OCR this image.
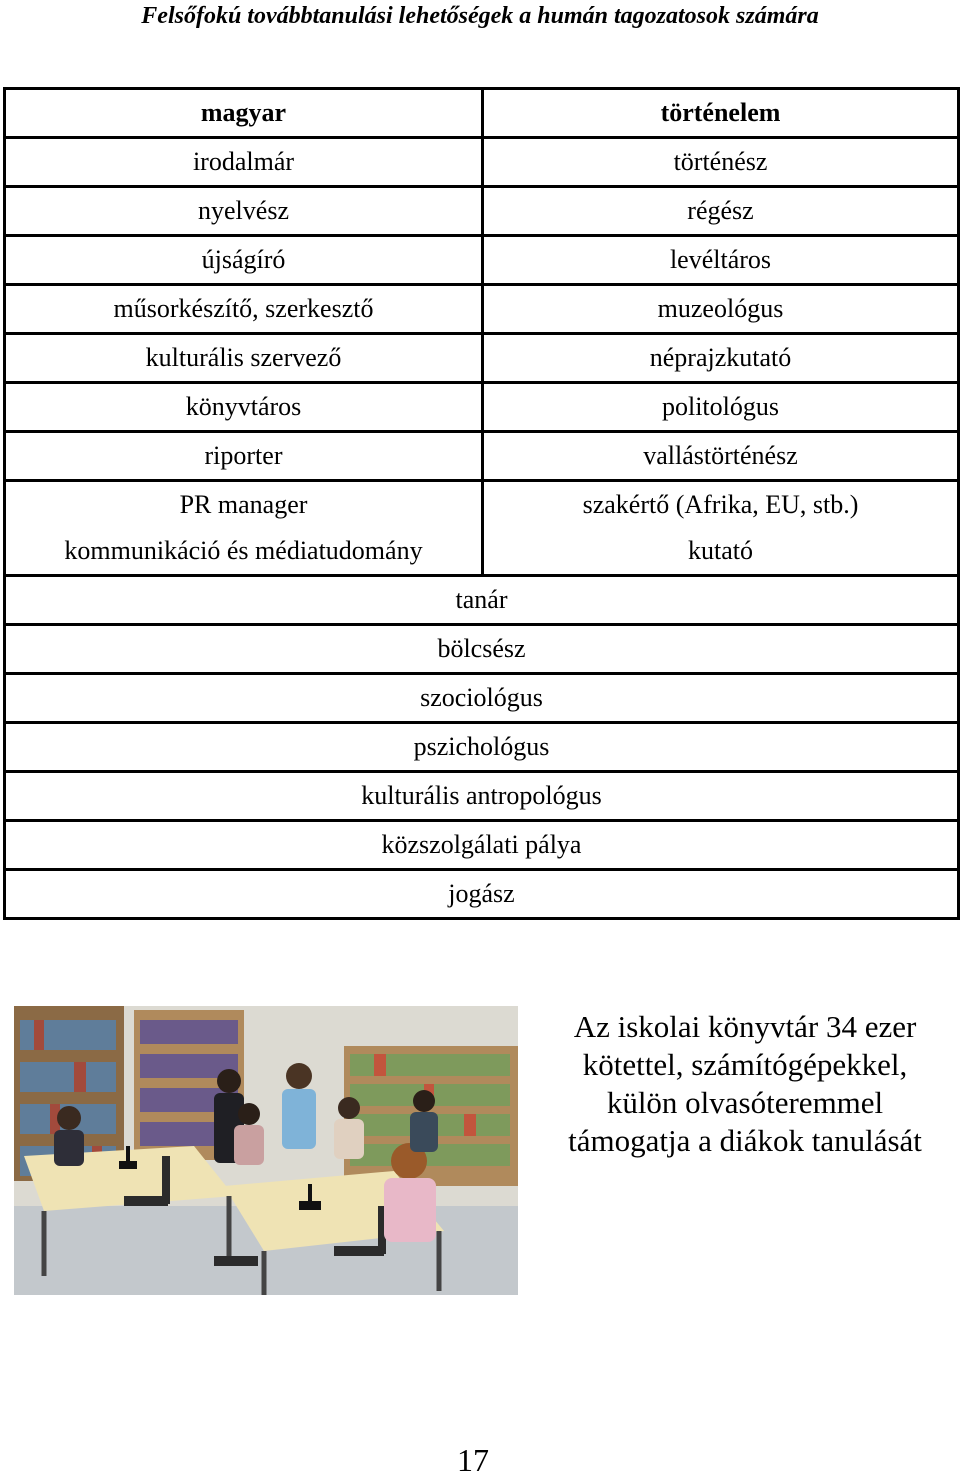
Felsőfokú továbbtanulási lehetőségek a humán tagozatosok számára
magyar	történelem
irodalmár	történész
nyelvész	régész
újságíró	levéltáros
műsorkészítő, szerkesztő	muzeológus
kulturális szervező	néprajzkutató
könyvtáros	politológus
riporter	vallástörténész
PR manager	szakértő (Afrika, EU, stb.)
kommunikáció és médiatudomány	kutató
tanár	
bölcsész	
szociológus	
pszichológus	
kulturális antropológus	
közszolgálati pálya	
jogász	
Az iskolai könyvtár 34 ezer
kötettel, számítógépekkel,
külön olvasóteremmel
támogatja a diákok tanulását
17
